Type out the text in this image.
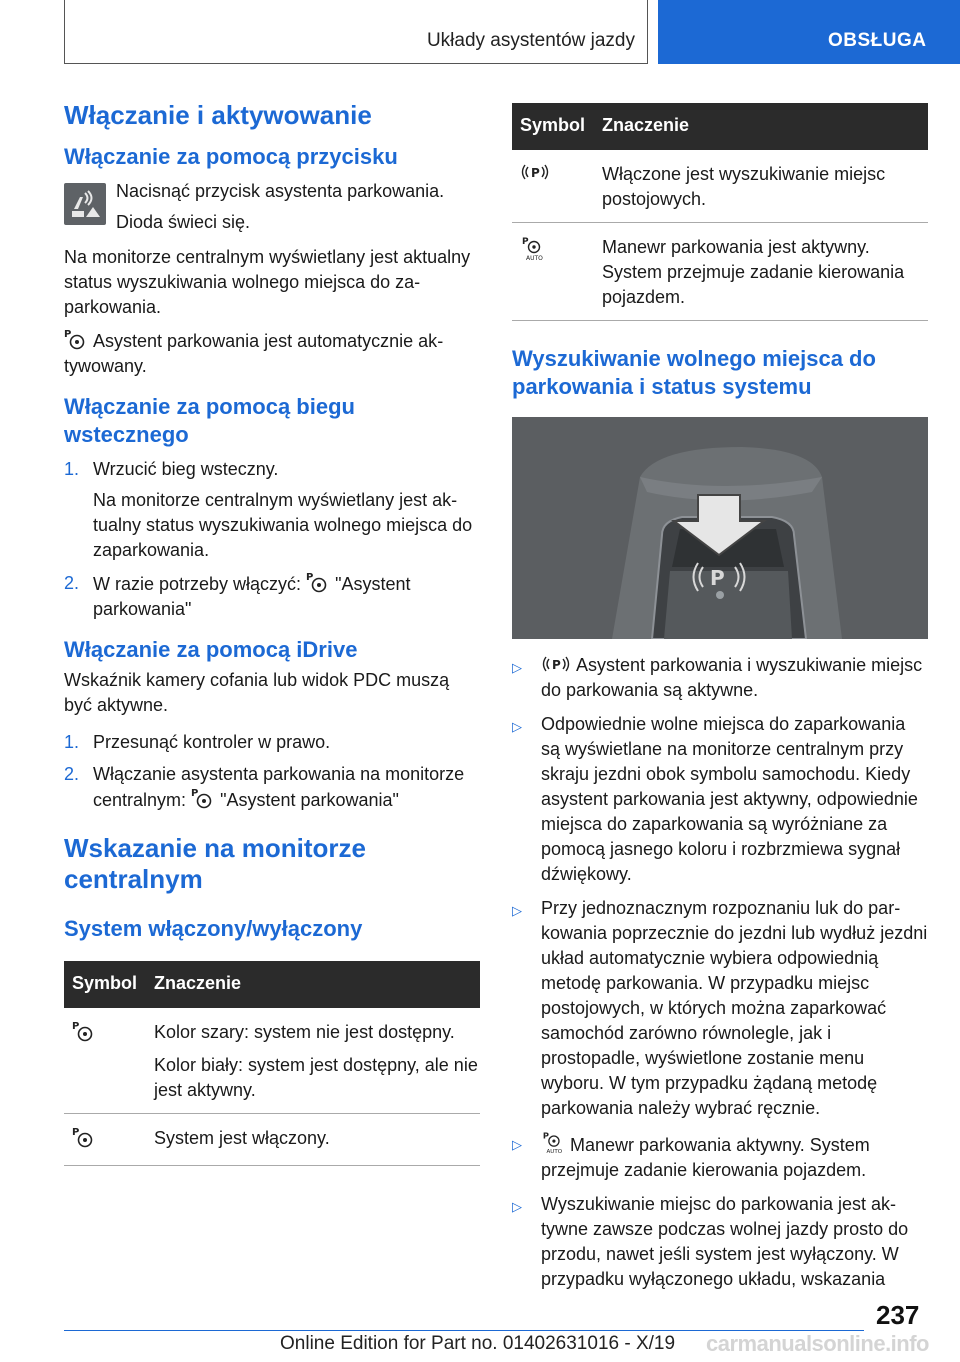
Układy asystentów jazdy	OBSŁUGA
Włączanie i aktywowanie
Włączanie za pomocą przycisku

Nacisnąć przycisk asystenta parkowania.

Dioda świeci się.

Na monitorze centralnym wyświetlany jest aktualny status wyszukiwania wolnego miejsca do zaparkowania.

P Asystent parkowania jest automatycznie aktywowany.

Włączanie za pomocą biegu wstecznego
1. Wrzucić bieg wsteczny.
Na monitorze centralnym wyświetlany jest aktualny status wyszukiwania wolnego miejsca do zaparkowania.
2. W razie potrzeby włączyć: P "Asystent parkowania"
Włączanie za pomocą iDrive

Wskaźnik kamery cofania lub widok PDC muszą być aktywne.

1. Przesunąć kontroler w prawo.
2. Włączanie asystenta parkowania na monitorze centralnym: P "Asystent parkowania"
Wskazanie na monitorze centralnym
System włączony/wyłączony
Symbol	Znaczenie

P	Kolor szary: system nie jest dostępny.
Kolor biały: system jest dostępny, ale nie jest aktywny.

P	System jest włączony.
Symbol	Znaczenie

P	Włączone jest wyszukiwanie miejsc postojowych.

P
AUTO	Manewr parkowania jest aktywny. System przejmuje zadanie kierowania pojazdem.
Wyszukiwanie wolnego miejsca do parkowania i status systemu
P
▷	P Asystent parkowania i wyszukiwanie miejsc do parkowania są aktywne.
▷	Odpowiednie wolne miejsca do zaparkowania są wyświetlane na monitorze centralnym przy skraju jezdni obok symbolu samochodu. Kiedy asystent parkowania jest aktywny, odpowiednie miejsca do zaparkowania są wyróżniane za pomocą jasnego koloru i rozbrzmiewa sygnał dźwiękowy.
▷	Przy jednoznacznym rozpoznaniu luk do parkowania poprzecznie do jezdni lub wydłuż jezdni układ automatycznie wybiera odpowiednią metodę parkowania. W przypadku miejsc postojowych, w których można zaparkować samochód zarówno równolegle, jak i prostopadle, wyświetlone zostanie menu wyboru. W tym przypadku żądaną metodę parkowania należy wybrać ręcznie.
▷
P
AUTO Manewr parkowania aktywny. System przejmuje zadanie kierowania pojazdem.
▷	Wyszukiwanie miejsc do parkowania jest aktywne zawsze podczas wolnej jazdy prosto do przodu, nawet jeśli system jest wyłączony. W przypadku wyłączonego układu, wskazania
237
Online Edition for Part no. 01402631016 - X/19 carmanualsonline.info
